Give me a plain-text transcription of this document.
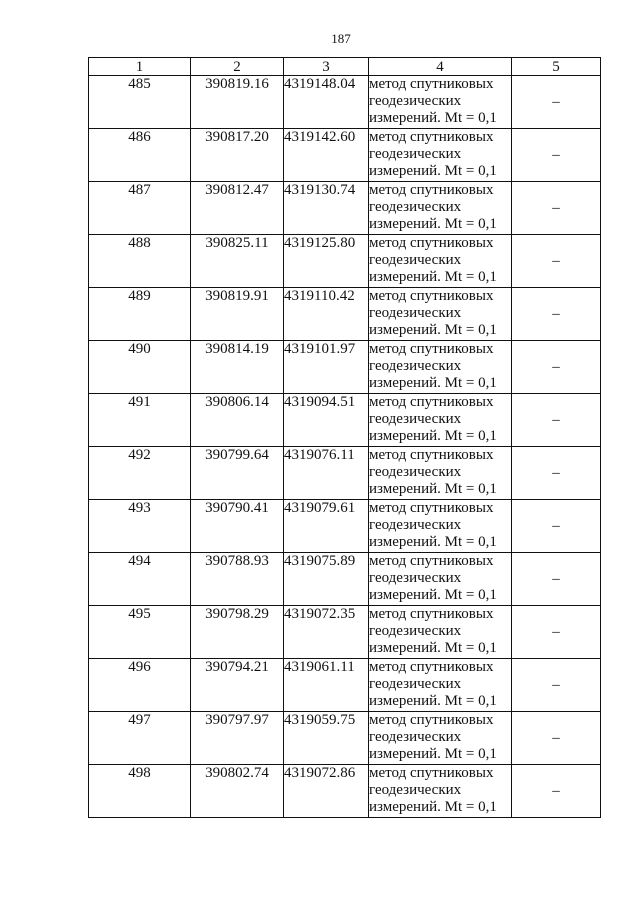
187
1	2	3	4	5
485	390819.16	4319148.04	метод спутниковых
геодезических
измерений. Mt = 0,1	–
486	390817.20	4319142.60	метод спутниковых
геодезических
измерений. Mt = 0,1	–
487	390812.47	4319130.74	метод спутниковых
геодезических
измерений. Mt = 0,1	–
488	390825.11	4319125.80	метод спутниковых
геодезических
измерений. Mt = 0,1	–
489	390819.91	4319110.42	метод спутниковых
геодезических
измерений. Mt = 0,1	–
490	390814.19	4319101.97	метод спутниковых
геодезических
измерений. Mt = 0,1	–
491	390806.14	4319094.51	метод спутниковых
геодезических
измерений. Mt = 0,1	–
492	390799.64	4319076.11	метод спутниковых
геодезических
измерений. Mt = 0,1	–
493	390790.41	4319079.61	метод спутниковых
геодезических
измерений. Mt = 0,1	–
494	390788.93	4319075.89	метод спутниковых
геодезических
измерений. Mt = 0,1	–
495	390798.29	4319072.35	метод спутниковых
геодезических
измерений. Mt = 0,1	–
496	390794.21	4319061.11	метод спутниковых
геодезических
измерений. Mt = 0,1	–
497	390797.97	4319059.75	метод спутниковых
геодезических
измерений. Mt = 0,1	–
498	390802.74	4319072.86	метод спутниковых
геодезических
измерений. Mt = 0,1	–
